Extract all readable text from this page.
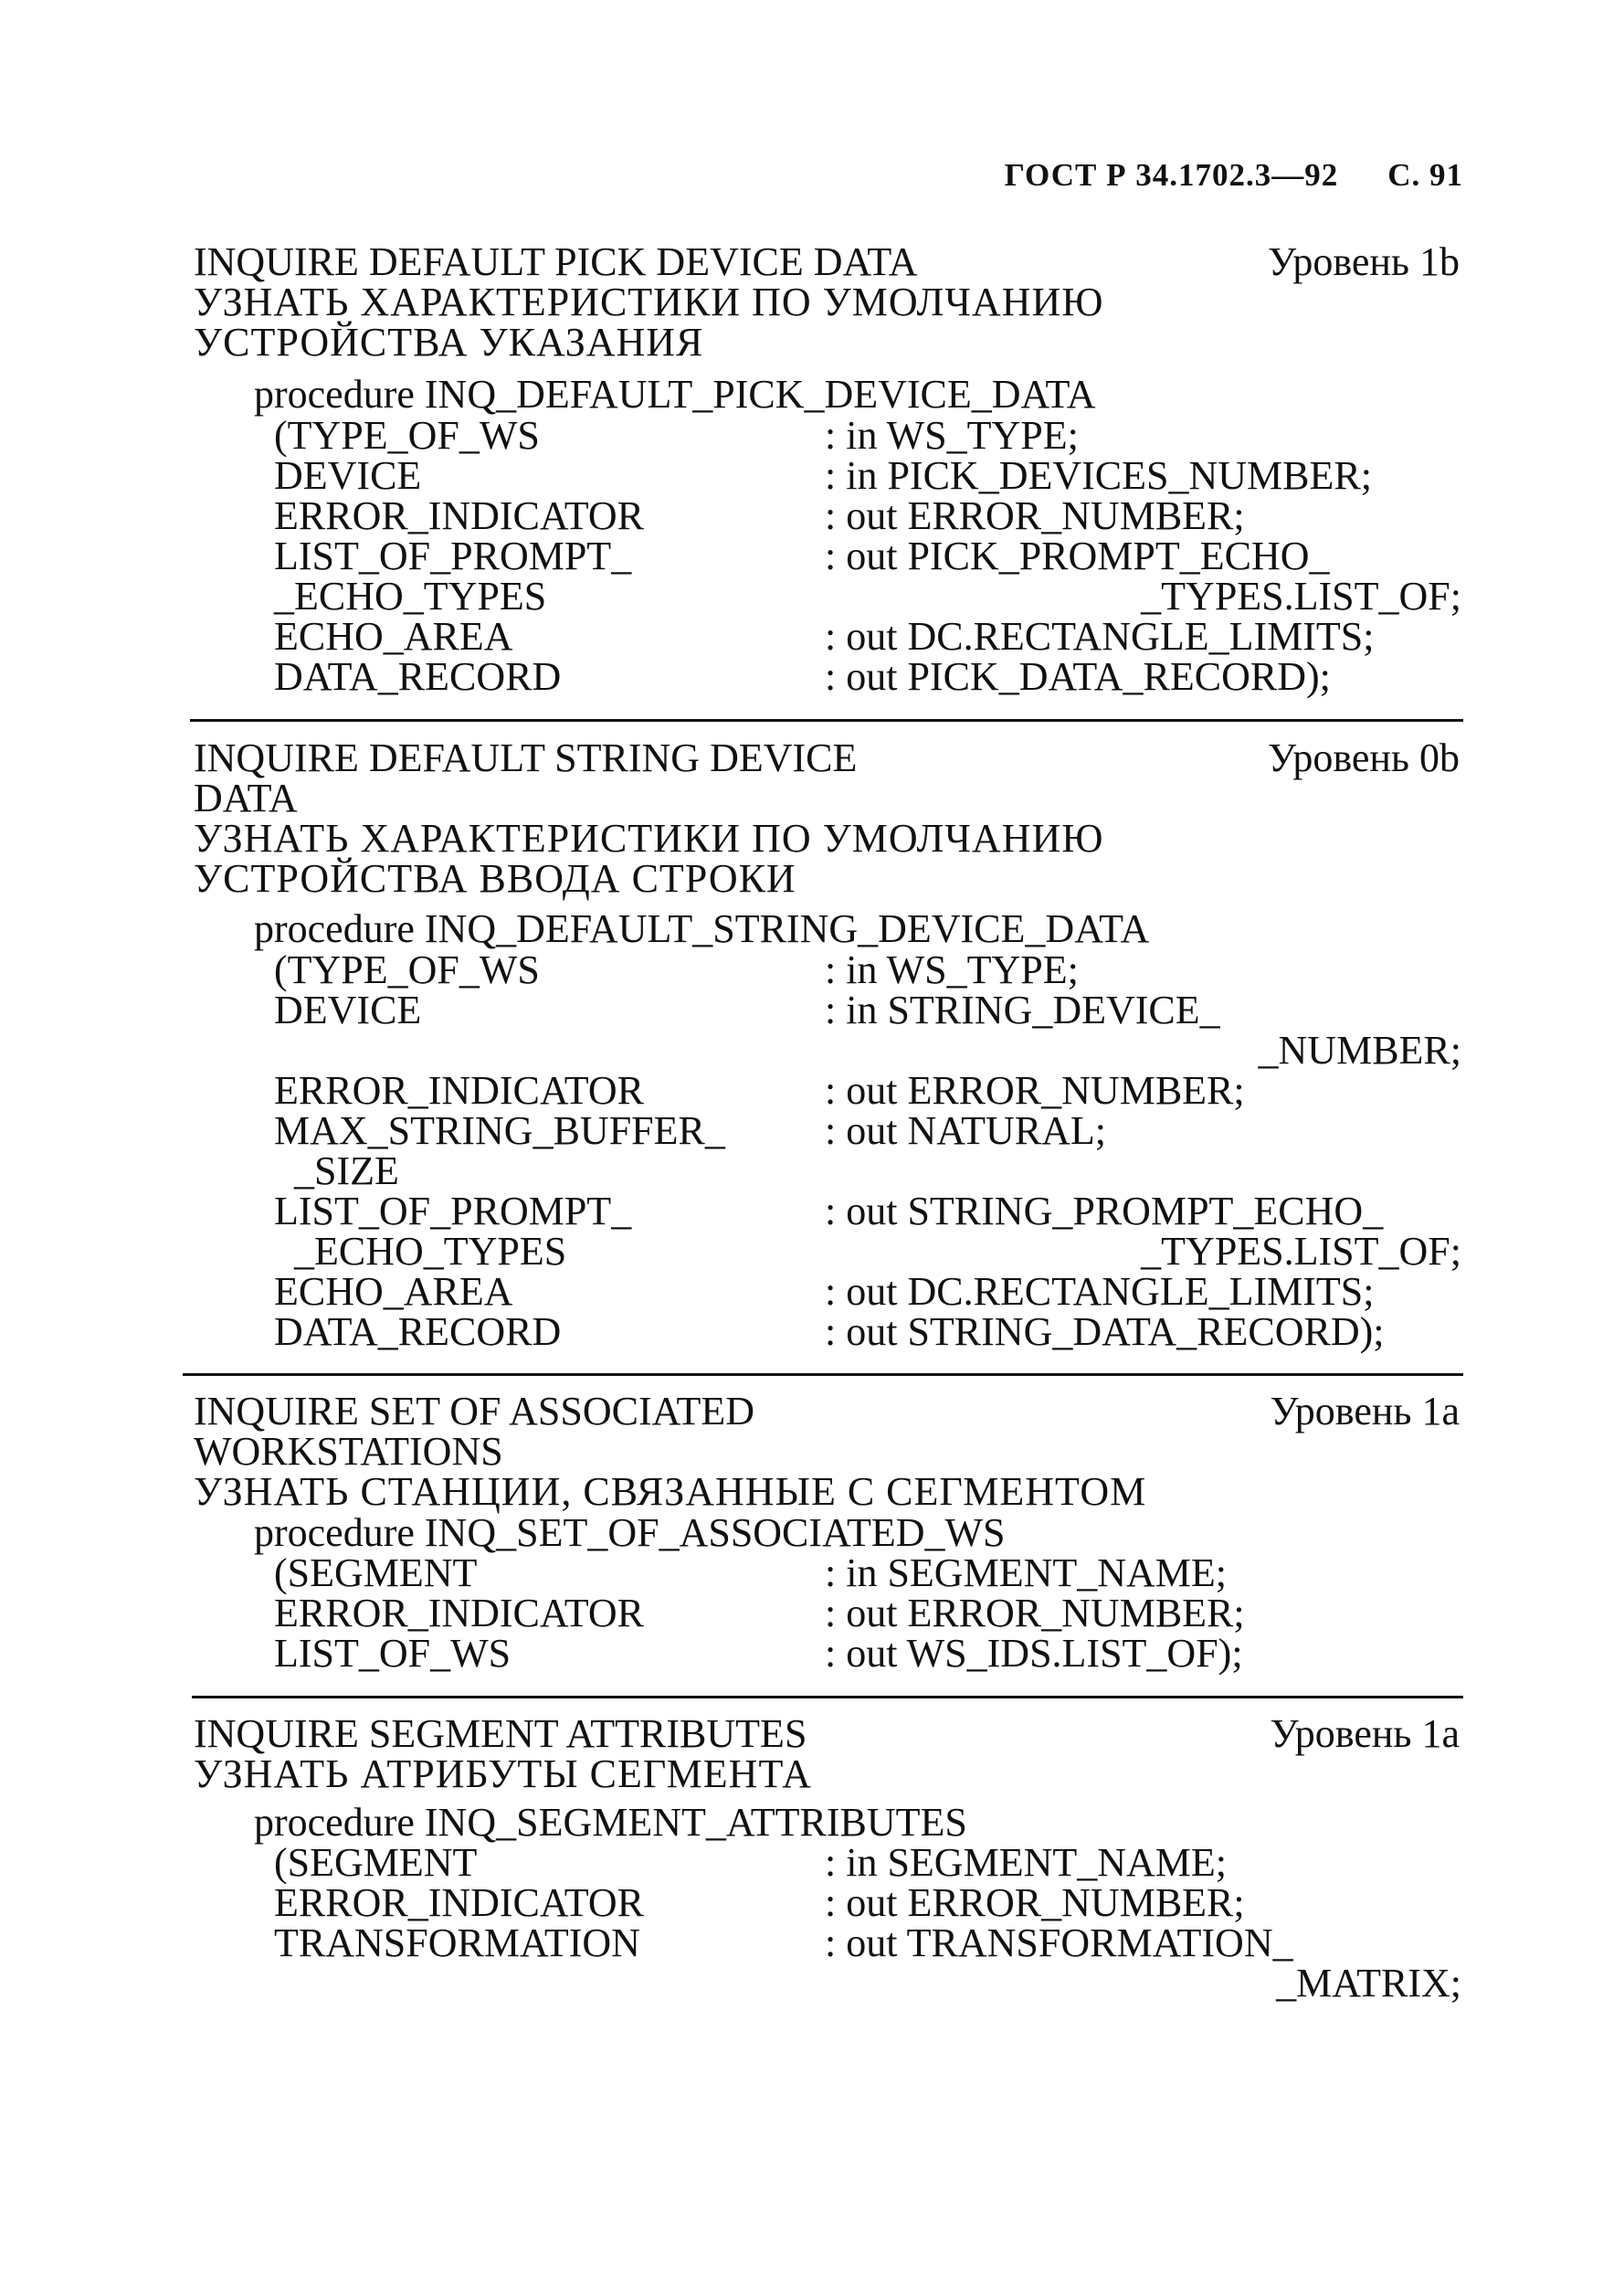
ГОСТ Р 34.1702.3—92 С. 91
INQUIRE DEFAULT PICK DEVICE DATA	Уровень 1b
УЗНАТЬ ХАРАКТЕРИСТИКИ ПО УМОЛЧАНИЮ
УСТРОЙСТВА УКАЗАНИЯ
procedure INQ_DEFAULT_PICK_DEVICE_DATA
(TYPE_OF_WS	: in WS_TYPE;
DEVICE	: in PICK_DEVICES_NUMBER;
ERROR_INDICATOR	: out ERROR_NUMBER;
LIST_OF_PROMPT_	: out PICK_PROMPT_ECHO_
_ECHO_TYPES	_TYPES.LIST_OF;
ECHO_AREA	: out DC.RECTANGLE_LIMITS;
DATA_RECORD	: out PICK_DATA_RECORD);
INQUIRE DEFAULT STRING DEVICE	Уровень 0b
DATA
УЗНАТЬ ХАРАКТЕРИСТИКИ ПО УМОЛЧАНИЮ
УСТРОЙСТВА ВВОДА СТРОКИ
procedure INQ_DEFAULT_STRING_DEVICE_DATA
(TYPE_OF_WS	: in WS_TYPE;
DEVICE	: in STRING_DEVICE_
_NUMBER;
ERROR_INDICATOR	: out ERROR_NUMBER;
MAX_STRING_BUFFER_ : out NATURAL;
_SIZE
LIST_OF_PROMPT_	: out STRING_PROMPT_ECHO_
_ECHO_TYPES	_TYPES.LIST_OF;
ECHO_AREA	: out DC.RECTANGLE_LIMITS;
DATA_RECORD	: out STRING_DATA_RECORD);
INQUIRE SET OF ASSOCIATED	Уровень 1a
WORKSTATIONS
УЗНАТЬ СТАНЦИИ, СВЯЗАННЫЕ С СЕГМЕНТОМ
procedure INQ_SET_OF_ASSOCIATED_WS
(SEGMENT	: in SEGMENT_NAME;
ERROR_INDICATOR	: out ERROR_NUMBER;
LIST_OF_WS	: out WS_IDS.LIST_OF);
INQUIRE SEGMENT ATTRIBUTES	Уровень 1a
УЗНАТЬ АТРИБУТЫ СЕГМЕНТА
procedure INQ_SEGMENT_ATTRIBUTES
(SEGMENT	: in SEGMENT_NAME;
ERROR_INDICATOR	: out ERROR_NUMBER;
TRANSFORMATION	: out TRANSFORMATION_
_MATRIX;
